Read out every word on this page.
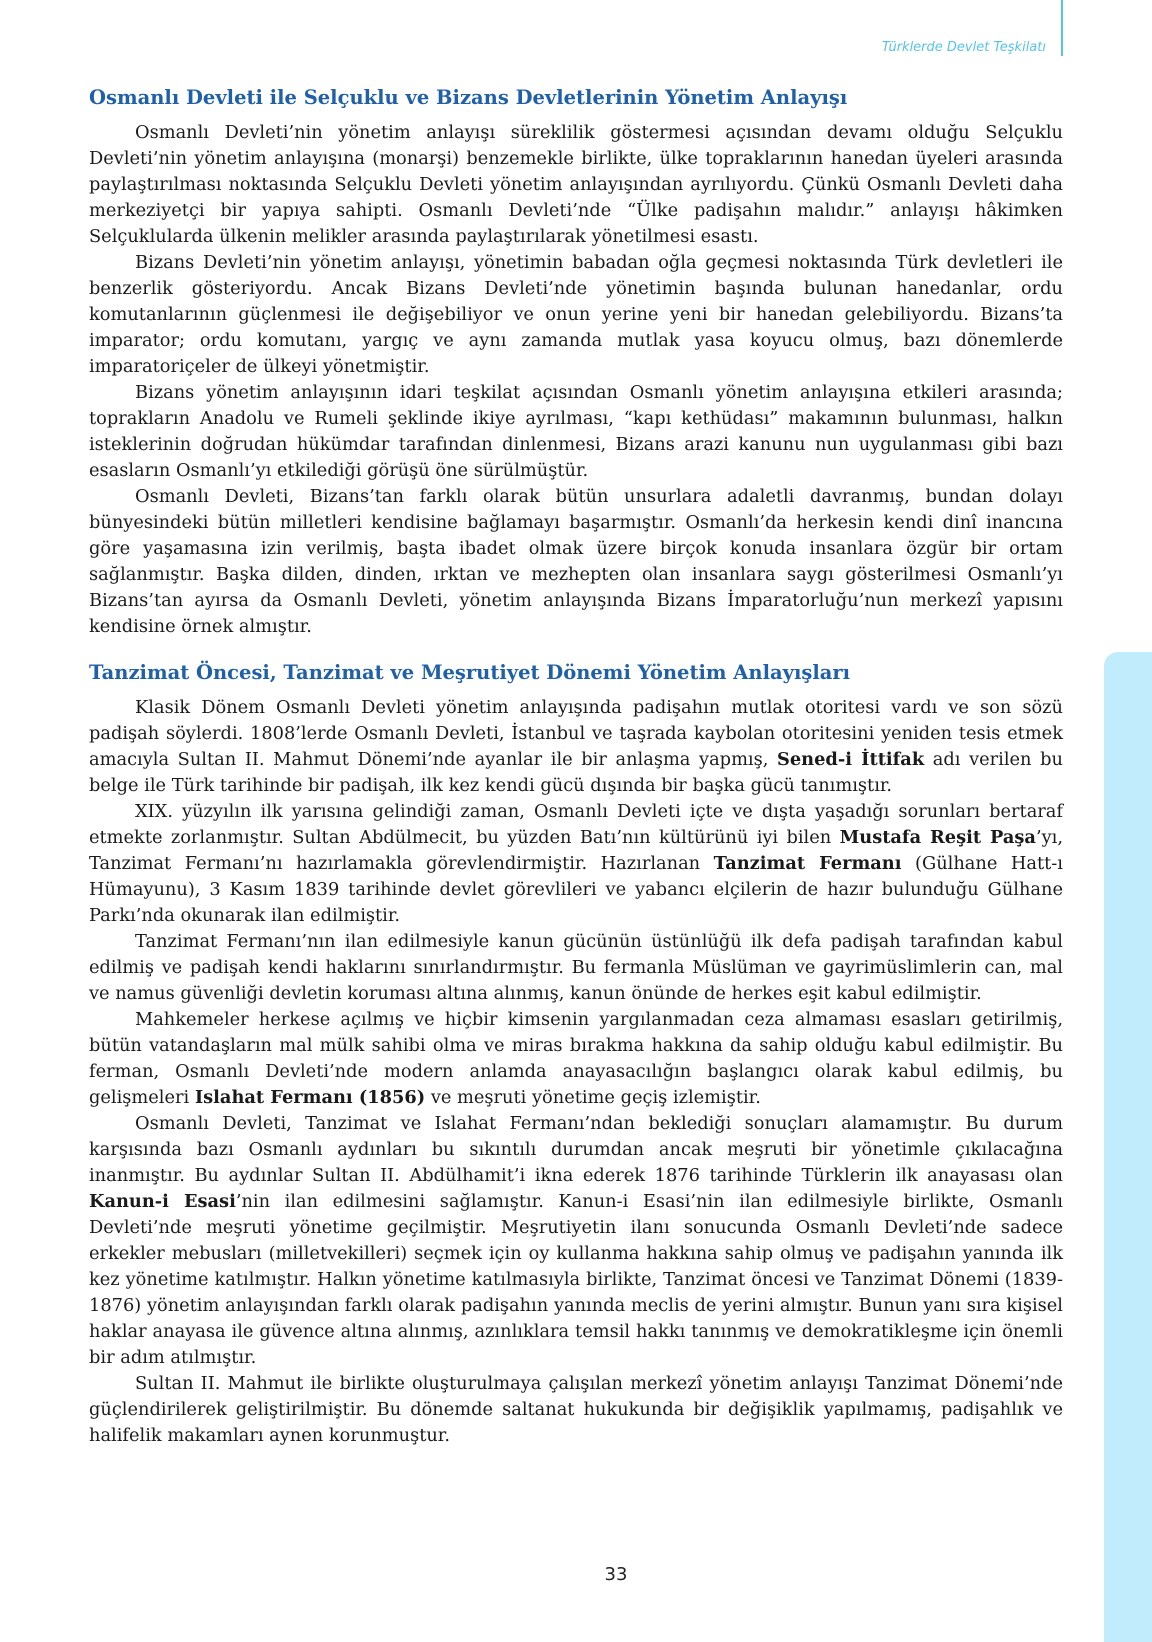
Türklerde Devlet Teşkilatı
Osmanlı Devleti ile Selçuklu ve Bizans Devletlerinin Yönetim Anlayışı

Osmanlı Devleti’nin yönetim anlayışı süreklilik göstermesi açısından devamı olduğu Selçuklu Devleti’nin yönetim anlayışına (monarşi) benzemekle birlikte, ülke topraklarının hanedan üyeleri arasında paylaştırılması noktasında Selçuklu Devleti yönetim anlayışından ayrılıyordu. Çünkü Osmanlı Devleti daha merkeziyetçi bir yapıya sahipti. Osmanlı Devleti’nde “Ülke padişahın malıdır.” anlayışı hâkimken Selçuklularda ülkenin melikler arasında paylaştırılarak yönetilmesi esastı.

Bizans Devleti’nin yönetim anlayışı, yönetimin babadan oğla geçmesi noktasında Türk devletleri ile benzerlik gösteriyordu. Ancak Bizans Devleti’nde yönetimin başında bulunan hanedanlar, ordu komutanlarının güçlenmesi ile değişebiliyor ve onun yerine yeni bir hanedan gelebiliyordu. Bizans’ta imparator; ordu komutanı, yargıç ve aynı zamanda mutlak yasa koyucu olmuş, bazı dönemlerde imparatoriçeler de ülkeyi yönetmiştir.

Bizans yönetim anlayışının idari teşkilat açısından Osmanlı yönetim anlayışına etkileri arasında; toprakların Anadolu ve Rumeli şeklinde ikiye ayrılması, “kapı kethüdası” makamının bulunması, halkın isteklerinin doğrudan hükümdar tarafından dinlenmesi, Bizans arazi kanunu nun uygulanması gibi bazı esasların Osmanlı’yı etkilediği görüşü öne sürülmüştür.

Osmanlı Devleti, Bizans’tan farklı olarak bütün unsurlara adaletli davranmış, bundan dolayı bünyesindeki bütün milletleri kendisine bağlamayı başarmıştır. Osmanlı’da herkesin kendi dinî inancına göre yaşamasına izin verilmiş, başta ibadet olmak üzere birçok konuda insanlara özgür bir ortam sağlanmıştır. Başka dilden, dinden, ırktan ve mezhepten olan insanlara saygı gösterilmesi Osmanlı’yı Bizans’tan ayırsa da Osmanlı Devleti, yönetim anlayışında Bizans İmparatorluğu’nun merkezî yapısını kendisine örnek almıştır.

Tanzimat Öncesi, Tanzimat ve Meşrutiyet Dönemi Yönetim Anlayışları

Klasik Dönem Osmanlı Devleti yönetim anlayışında padişahın mutlak otoritesi vardı ve son sözü padişah söylerdi. 1808’lerde Osmanlı Devleti, İstanbul ve taşrada kaybolan otoritesini yeniden tesis etmek amacıyla Sultan II. Mahmut Dönemi’nde ayanlar ile bir anlaşma yapmış, Sened-i İttifak adı verilen bu belge ile Türk tarihinde bir padişah, ilk kez kendi gücü dışında bir başka gücü tanımıştır.

XIX. yüzyılın ilk yarısına gelindiği zaman, Osmanlı Devleti içte ve dışta yaşadığı sorunları bertaraf etmekte zorlanmıştır. Sultan Abdülmecit, bu yüzden Batı’nın kültürünü iyi bilen Mustafa Reşit Paşa’yı, Tanzimat Fermanı’nı hazırlamakla görevlendirmiştir. Hazırlanan Tanzimat Fermanı (Gülhane Hatt-ı Hümayunu), 3 Kasım 1839 tarihinde devlet görevlileri ve yabancı elçilerin de hazır bulunduğu Gülhane Parkı’nda okunarak ilan edilmiştir.

Tanzimat Fermanı’nın ilan edilmesiyle kanun gücünün üstünlüğü ilk defa padişah tarafından kabul edilmiş ve padişah kendi haklarını sınırlandırmıştır. Bu fermanla Müslüman ve gayrimüslimlerin can, mal ve namus güvenliği devletin koruması altına alınmış, kanun önünde de herkes eşit kabul edilmiştir.

Mahkemeler herkese açılmış ve hiçbir kimsenin yargılanmadan ceza almaması esasları getirilmiş, bütün vatandaşların mal mülk sahibi olma ve miras bırakma hakkına da sahip olduğu kabul edilmiştir. Bu ferman, Osmanlı Devleti’nde modern anlamda anayasacılığın başlangıcı olarak kabul edilmiş, bu gelişmeleri Islahat Fermanı (1856) ve meşruti yönetime geçiş izlemiştir.

Osmanlı Devleti, Tanzimat ve Islahat Fermanı’ndan beklediği sonuçları alamamıştır. Bu durum karşısında bazı Osmanlı aydınları bu sıkıntılı durumdan ancak meşruti bir yönetimle çıkılacağına inanmıştır. Bu aydınlar Sultan II. Abdülhamit’i ikna ederek 1876 tarihinde Türklerin ilk anayasası olan Kanun-i Esasi’nin ilan edilmesini sağlamıştır. Kanun-i Esasi’nin ilan edilmesiyle birlikte, Osmanlı Devleti’nde meşruti yönetime geçilmiştir. Meşrutiyetin ilanı sonucunda Osmanlı Devleti’nde sadece erkekler mebusları (milletvekilleri) seçmek için oy kullanma hakkına sahip olmuş ve padişahın yanında ilk kez yönetime katılmıştır. Halkın yönetime katılmasıyla birlikte, Tanzimat öncesi ve Tanzimat Dönemi (1839-1876) yönetim anlayışından farklı olarak padişahın yanında meclis de yerini almıştır. Bunun yanı sıra kişisel haklar anayasa ile güvence altına alınmış, azınlıklara temsil hakkı tanınmış ve demokratikleşme için önemli bir adım atılmıştır.

Sultan II. Mahmut ile birlikte oluşturulmaya çalışılan merkezî yönetim anlayışı Tanzimat Dönemi’nde güçlendirilerek geliştirilmiştir. Bu dönemde saltanat hukukunda bir değişiklik yapılmamış, padişahlık ve halifelik makamları aynen korunmuştur.

33
